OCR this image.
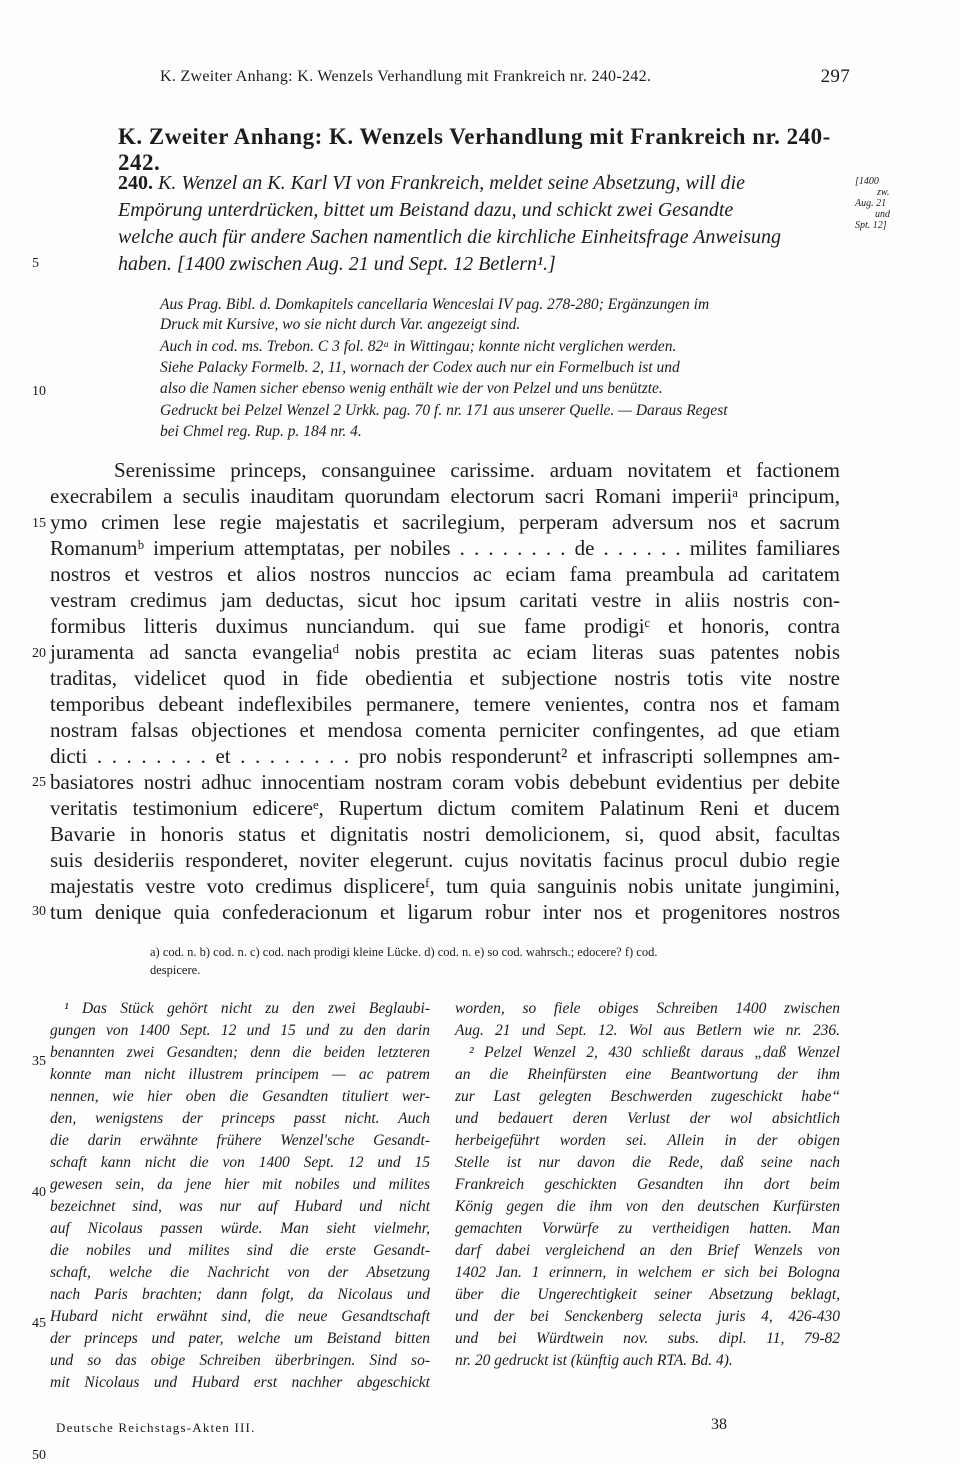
K. Zweiter Anhang: K. Wenzels Verhandlung mit Frankreich nr. 240-242.	297
K. Zweiter Anhang: K. Wenzels Verhandlung mit Frankreich nr. 240-242.
240. K. Wenzel an K. Karl VI von Frankreich, meldet seine Absetzung, will die
Empörung unterdrücken, bittet um Beistand dazu, und schickt zwei Gesandte
welche auch für andere Sachen namentlich die kirchliche Einheitsfrage Anweisung
haben. [1400 zwischen Aug. 21 und Sept. 12 Betlern¹.]
[1400
zw.
Aug. 21
und
Spt. 12]
5
10
15
20
25
30
35
40
45
50
Aus Prag. Bibl. d. Domkapitels cancellaria Wenceslai IV pag. 278-280; Ergänzungen im
Druck mit Kursive, wo sie nicht durch Var. angezeigt sind.
Auch in cod. ms. Trebon. C 3 fol. 82ᵃ in Wittingau; konnte nicht verglichen werden.
Siehe Palacky Formelb. 2, 11, wornach der Codex auch nur ein Formelbuch ist und
also die Namen sicher ebenso wenig enthält wie der von Pelzel und uns benützte.
Gedruckt bei Pelzel Wenzel 2 Urkk. pag. 70 f. nr. 171 aus unserer Quelle. — Daraus Regest
bei Chmel reg. Rup. p. 184 nr. 4.
Serenissime princeps, consanguinee carissime. arduam novitatem et factionem
execrabilem a seculis inauditam quorundam electorum sacri Romani imperiiᵃ principum,
ymo crimen lese regie majestatis et sacrilegium, perperam adversum nos et sacrum
Romanumᵇ imperium attemptatas, per nobiles . . . . . . . . de . . . . . . milites familiares
nostros et vestros et alios nostros nunccios ac eciam fama preambula ad caritatem
vestram credimus jam deductas, sicut hoc ipsum caritati vestre in aliis nostris con-
formibus litteris duximus nunciandum. qui sue fame prodigiᶜ et honoris, contra
juramenta ad sancta evangeliaᵈ nobis prestita ac eciam literas suas patentes nobis
traditas, videlicet quod in fide obedientia et subjectione nostris totis vite nostre
temporibus debeant indeflexibiles permanere, temere venientes, contra nos et famam
nostram falsas objectiones et mendosa comenta perniciter confingentes, ad que etiam
dicti . . . . . . . . et . . . . . . . . pro nobis responderunt² et infrascripti sollempnes am-
basiatores nostri adhuc innocentiam nostram coram vobis debebunt evidentius per debite
veritatis testimonium edicereᵉ, Rupertum dictum comitem Palatinum Reni et ducem
Bavarie in honoris status et dignitatis nostri demolicionem, si, quod absit, facultas
suis desideriis responderet, noviter elegerunt. cujus novitatis facinus procul dubio regie
majestatis vestre voto credimus displicereᶠ, tum quia sanguinis nobis unitate jungimini,
tum denique quia confederacionum et ligarum robur inter nos et progenitores nostros
a) cod. n. b) cod. n. c) cod. nach prodigi kleine Lücke. d) cod. n. e) so cod. wahrsch.; edocere? f) cod.
despicere.
¹ Das Stück gehört nicht zu den zwei Beglaubi-
gungen von 1400 Sept. 12 und 15 und zu den darin
benannten zwei Gesandten; denn die beiden letzteren
konnte man nicht illustrem principem — ac patrem
nennen, wie hier oben die Gesandten tituliert wer-
den, wenigstens der princeps passt nicht. Auch
die darin erwähnte frühere Wenzel'sche Gesandt-
schaft kann nicht die von 1400 Sept. 12 und 15
gewesen sein, da jene hier mit nobiles und milites
bezeichnet sind, was nur auf Hubard und nicht
auf Nicolaus passen würde. Man sieht vielmehr,
die nobiles und milites sind die erste Gesandt-
schaft, welche die Nachricht von der Absetzung
nach Paris brachten; dann folgt, da Nicolaus und
Hubard nicht erwähnt sind, die neue Gesandtschaft
der princeps und pater, welche um Beistand bitten
und so das obige Schreiben überbringen. Sind so-
mit Nicolaus und Hubard erst nachher abgeschickt
worden, so fiele obiges Schreiben 1400 zwischen
Aug. 21 und Sept. 12. Wol aus Betlern wie nr. 236.
² Pelzel Wenzel 2, 430 schließt daraus „daß Wenzel
an die Rheinfürsten eine Beantwortung der ihm
zur Last gelegten Beschwerden zugeschickt habe“
und bedauert deren Verlust der wol absichtlich
herbeigeführt worden sei. Allein in der obigen
Stelle ist nur davon die Rede, daß seine nach
Frankreich geschickten Gesandten ihn dort beim
König gegen die ihm von den deutschen Kurfürsten
gemachten Vorwürfe zu vertheidigen hatten. Man
darf dabei vergleichend an den Brief Wenzels von
1402 Jan. 1 erinnern, in welchem er sich bei Bologna
über die Ungerechtigkeit seiner Absetzung beklagt,
und der bei Senckenberg selecta juris 4, 426-430
und bei Würdtwein nov. subs. dipl. 11, 79-82
nr. 20 gedruckt ist (künftig auch RTA. Bd. 4).
Deutsche Reichstags-Akten III.	38
